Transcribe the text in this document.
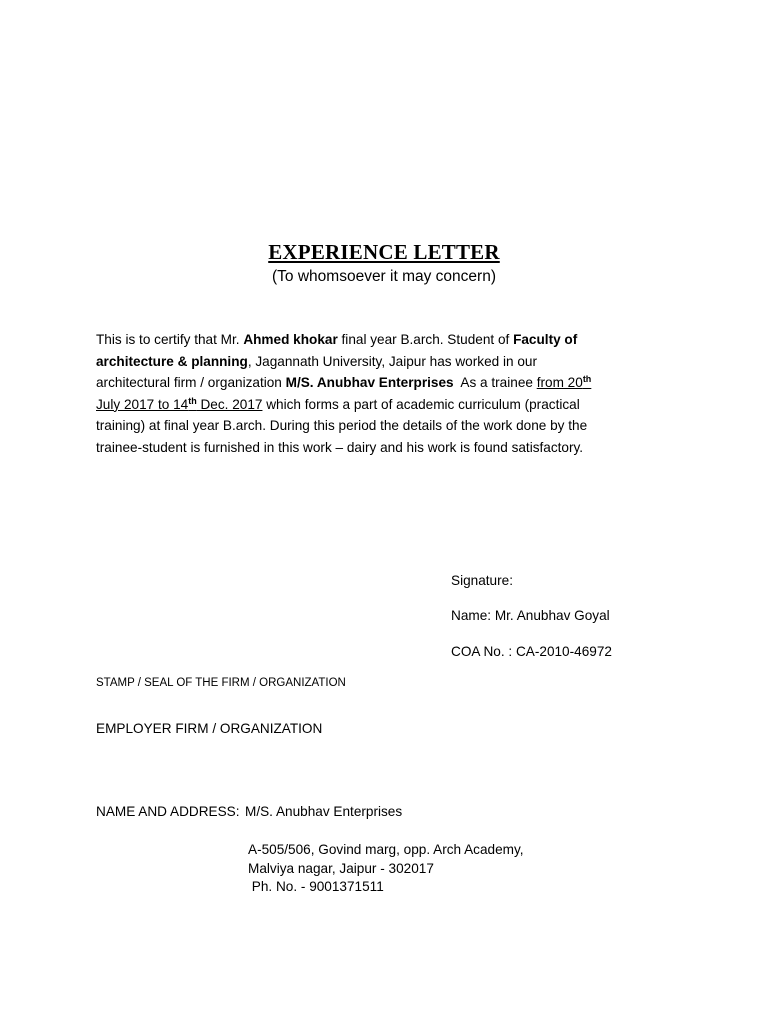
EXPERIENCE LETTER
(To whomsoever it may concern)
This is to certify that Mr. Ahmed khokar final year B.arch. Student of Faculty of
architecture & planning, Jagannath University, Jaipur has worked in our
architectural firm / organization M/S. Anubhav Enterprises  As a trainee from 20th
July 2017 to 14th Dec. 2017 which forms a part of academic curriculum (practical
training) at final year B.arch. During this period the details of the work done by the
trainee-student is furnished in this work – dairy and his work is found satisfactory.
Signature:
Name: Mr. Anubhav Goyal
COA No. : CA-2010-46972
STAMP / SEAL OF THE FIRM / ORGANIZATION
EMPLOYER FIRM / ORGANIZATION
NAME AND ADDRESS: M/S. Anubhav Enterprises
A-505/506, Govind marg, opp. Arch Academy,
Malviya nagar, Jaipur - 302017
Ph. No. - 9001371511
